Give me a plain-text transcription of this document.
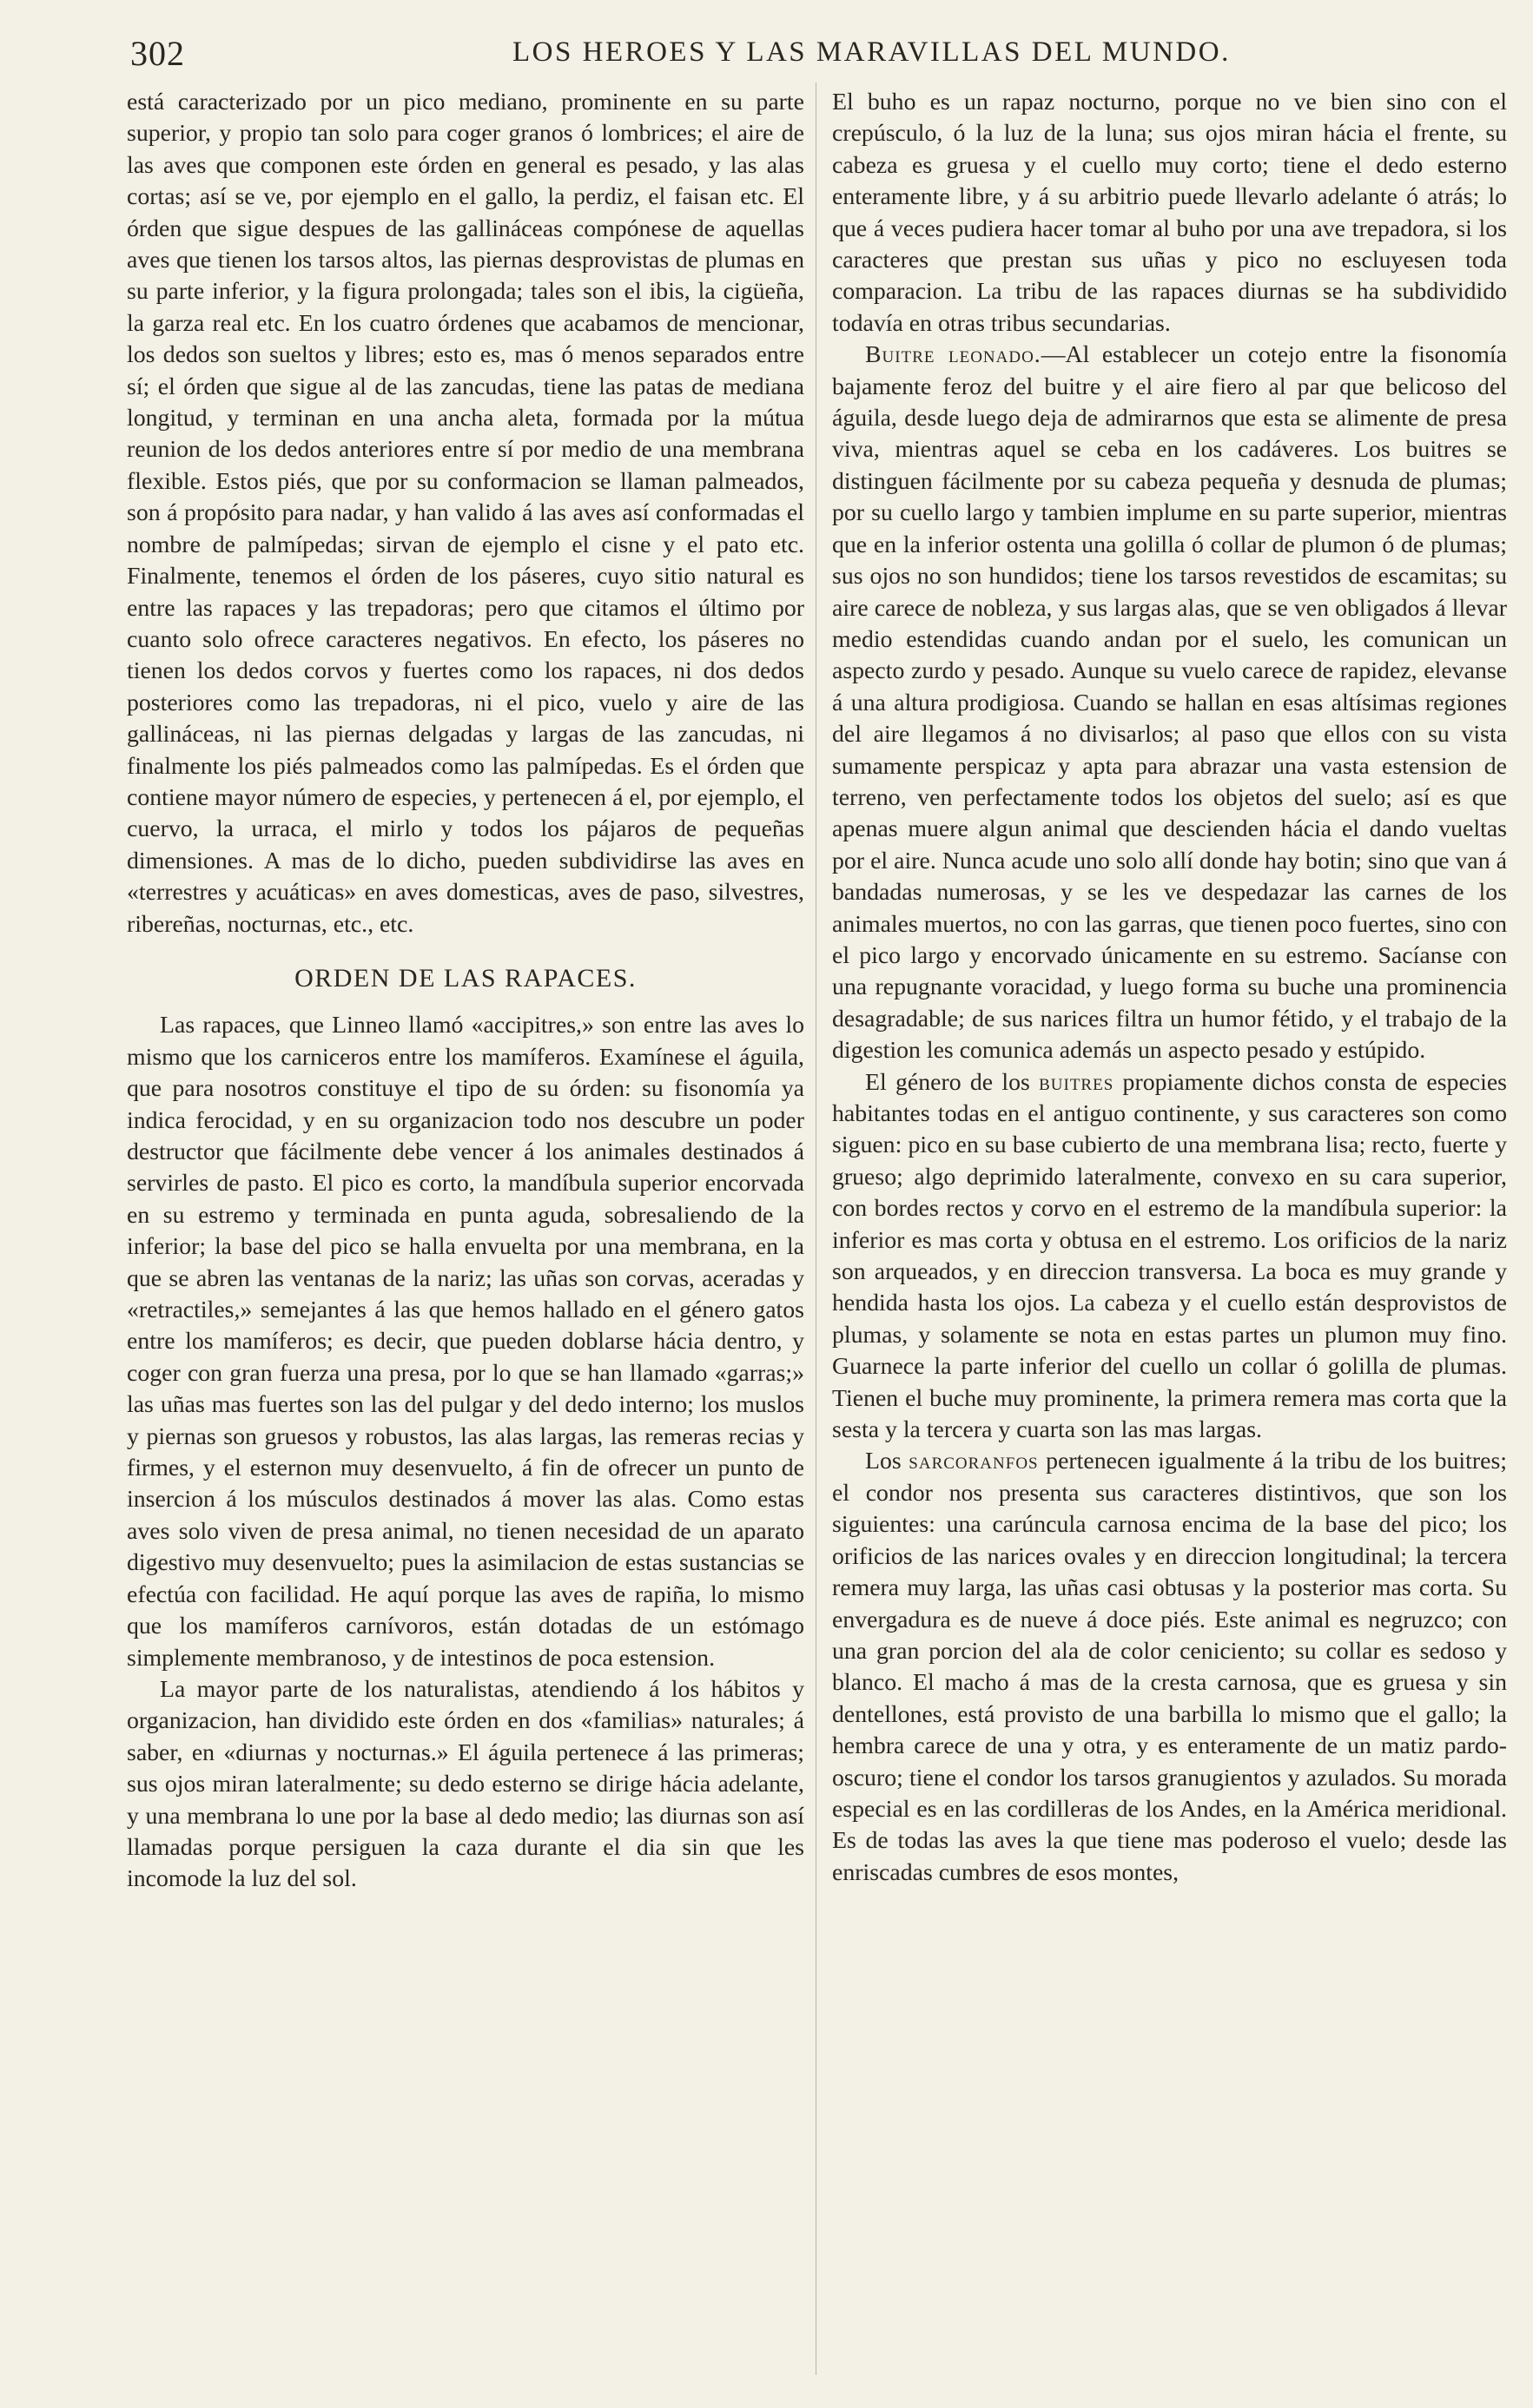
302	LOS HEROES Y LAS MARAVILLAS DEL MUNDO.

está caracterizado por un pico mediano, prominente en su parte superior, y propio tan solo para coger granos ó lombrices; el aire de las aves que componen este órden en general es pesado, y las alas cortas; así se ve, por ejemplo en el gallo, la perdiz, el faisan etc. El órden que sigue despues de las gallináceas compónese de aquellas aves que tienen los tarsos altos, las piernas desprovistas de plumas en su parte inferior, y la figura prolongada; tales son el ibis, la cigüeña, la garza real etc. En los cuatro órdenes que acabamos de mencionar, los dedos son sueltos y libres; esto es, mas ó menos separados entre sí; el órden que sigue al de las zancudas, tiene las patas de mediana longitud, y terminan en una ancha aleta, formada por la mútua reunion de los dedos anteriores entre sí por medio de una membrana flexible. Estos piés, que por su conformacion se llaman palmeados, son á propósito para nadar, y han valido á las aves así conformadas el nombre de palmípedas; sirvan de ejemplo el cisne y el pato etc. Finalmente, tenemos el órden de los páseres, cuyo sitio natural es entre las rapaces y las trepadoras; pero que citamos el último por cuanto solo ofrece caracteres negativos. En efecto, los páseres no tienen los dedos corvos y fuertes como los rapaces, ni dos dedos posteriores como las trepadoras, ni el pico, vuelo y aire de las gallináceas, ni las piernas delgadas y largas de las zancudas, ni finalmente los piés palmeados como las palmípedas. Es el órden que contiene mayor número de especies, y pertenecen á el, por ejemplo, el cuervo, la urraca, el mirlo y todos los pájaros de pequeñas dimensiones. A mas de lo dicho, pueden subdividirse las aves en «terrestres y acuáticas» en aves domesticas, aves de paso, silvestres, ribereñas, nocturnas, etc., etc.

ORDEN DE LAS RAPACES.

Las rapaces, que Linneo llamó «accipitres,» son entre las aves lo mismo que los carniceros entre los mamíferos. Examínese el águila, que para nosotros constituye el tipo de su órden: su fisonomía ya indica ferocidad, y en su organizacion todo nos descubre un poder destructor que fácilmente debe vencer á los animales destinados á servirles de pasto. El pico es corto, la mandíbula superior encorvada en su estremo y terminada en punta aguda, sobresaliendo de la inferior; la base del pico se halla envuelta por una membrana, en la que se abren las ventanas de la nariz; las uñas son corvas, aceradas y «retractiles,» semejantes á las que hemos hallado en el género gatos entre los mamíferos; es decir, que pueden doblarse hácia dentro, y coger con gran fuerza una presa, por lo que se han llamado «garras;» las uñas mas fuertes son las del pulgar y del dedo interno; los muslos y piernas son gruesos y robustos, las alas largas, las remeras recias y firmes, y el esternon muy desenvuelto, á fin de ofrecer un punto de insercion á los músculos destinados á mover las alas. Como estas aves solo viven de presa animal, no tienen necesidad de un aparato digestivo muy desenvuelto; pues la asimilacion de estas sustancias se efectúa con facilidad. He aquí porque las aves de rapiña, lo mismo que los mamíferos carnívoros, están dotadas de un estómago simplemente membranoso, y de intestinos de poca estension.

La mayor parte de los naturalistas, atendiendo á los hábitos y organizacion, han dividido este órden en dos «familias» naturales; á saber, en «diurnas y nocturnas.» El águila pertenece á las primeras; sus ojos miran lateralmente; su dedo esterno se dirige hácia adelante, y una membrana lo une por la base al dedo medio; las diurnas son así llamadas porque persiguen la caza durante el dia sin que les incomode la luz del sol.

El buho es un rapaz nocturno, porque no ve bien sino con el crepúsculo, ó la luz de la luna; sus ojos miran hácia el frente, su cabeza es gruesa y el cuello muy corto; tiene el dedo esterno enteramente libre, y á su arbitrio puede llevarlo adelante ó atrás; lo que á veces pudiera hacer tomar al buho por una ave trepadora, si los caracteres que prestan sus uñas y pico no escluyesen toda comparacion. La tribu de las rapaces diurnas se ha subdividido todavía en otras tribus secundarias.

Buitre leonado.—Al establecer un cotejo entre la fisonomía bajamente feroz del buitre y el aire fiero al par que belicoso del águila, desde luego deja de admirarnos que esta se alimente de presa viva, mientras aquel se ceba en los cadáveres. Los buitres se distinguen fácilmente por su cabeza pequeña y desnuda de plumas; por su cuello largo y tambien implume en su parte superior, mientras que en la inferior ostenta una golilla ó collar de plumon ó de plumas; sus ojos no son hundidos; tiene los tarsos revestidos de escamitas; su aire carece de nobleza, y sus largas alas, que se ven obligados á llevar medio estendidas cuando andan por el suelo, les comunican un aspecto zurdo y pesado. Aunque su vuelo carece de rapidez, elevanse á una altura prodigiosa. Cuando se hallan en esas altísimas regiones del aire llegamos á no divisarlos; al paso que ellos con su vista sumamente perspicaz y apta para abrazar una vasta estension de terreno, ven perfectamente todos los objetos del suelo; así es que apenas muere algun animal que descienden hácia el dando vueltas por el aire. Nunca acude uno solo allí donde hay botin; sino que van á bandadas numerosas, y se les ve despedazar las carnes de los animales muertos, no con las garras, que tienen poco fuertes, sino con el pico largo y encorvado únicamente en su estremo. Sacíanse con una repugnante voracidad, y luego forma su buche una prominencia desagradable; de sus narices filtra un humor fétido, y el trabajo de la digestion les comunica además un aspecto pesado y estúpido.

El género de los buitres propiamente dichos consta de especies habitantes todas en el antiguo continente, y sus caracteres son como siguen: pico en su base cubierto de una membrana lisa; recto, fuerte y grueso; algo deprimido lateralmente, convexo en su cara superior, con bordes rectos y corvo en el estremo de la mandíbula superior: la inferior es mas corta y obtusa en el estremo. Los orificios de la nariz son arqueados, y en direccion transversa. La boca es muy grande y hendida hasta los ojos. La cabeza y el cuello están desprovistos de plumas, y solamente se nota en estas partes un plumon muy fino. Guarnece la parte inferior del cuello un collar ó golilla de plumas. Tienen el buche muy prominente, la primera remera mas corta que la sesta y la tercera y cuarta son las mas largas.

Los sarcoranfos pertenecen igualmente á la tribu de los buitres; el condor nos presenta sus caracteres distintivos, que son los siguientes: una carúncula carnosa encima de la base del pico; los orificios de las narices ovales y en direccion longitudinal; la tercera remera muy larga, las uñas casi obtusas y la posterior mas corta. Su envergadura es de nueve á doce piés. Este animal es negruzco; con una gran porcion del ala de color ceniciento; su collar es sedoso y blanco. El macho á mas de la cresta carnosa, que es gruesa y sin dentellones, está provisto de una barbilla lo mismo que el gallo; la hembra carece de una y otra, y es enteramente de un matiz pardo-oscuro; tiene el condor los tarsos granugientos y azulados. Su morada especial es en las cordilleras de los Andes, en la América meridional. Es de todas las aves la que tiene mas poderoso el vuelo; desde las enriscadas cumbres de esos montes,
